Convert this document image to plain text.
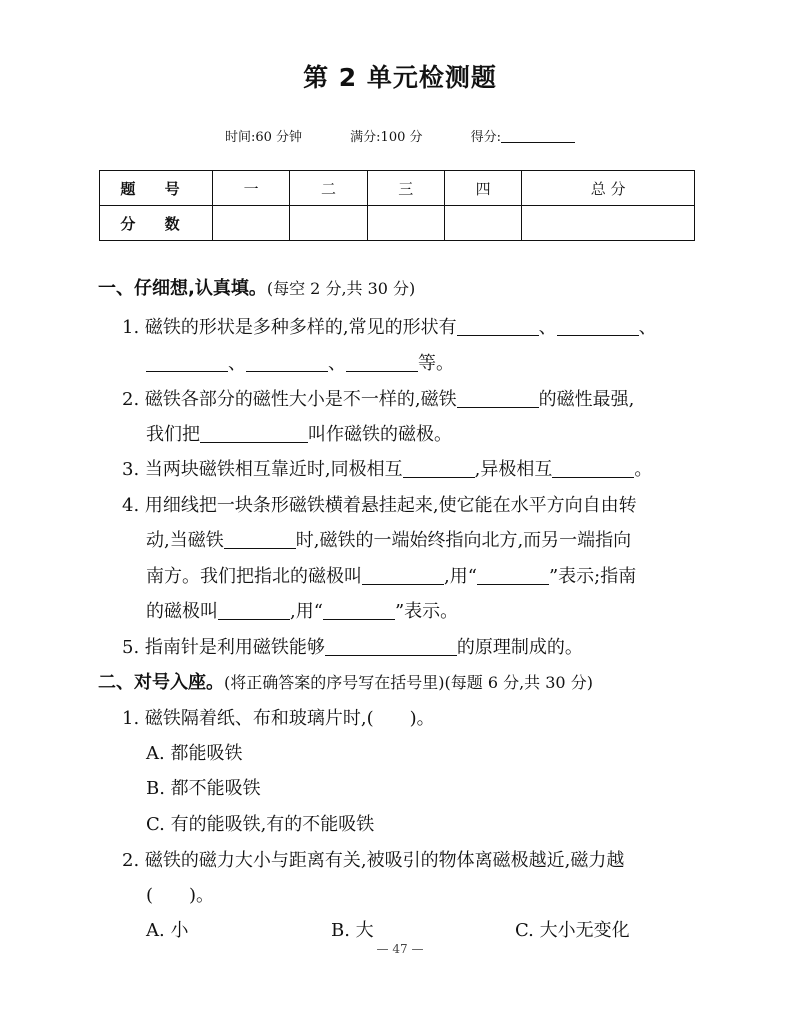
第 2 单元检测题
时间:60 分钟	满分:100 分	得分:
题 号	一	二	三	四	总 分
分 数					
一、仔细想,认真填。(每空 2 分,共 30 分)
1. 磁铁的形状是多种多样的,常见的形状有	、	、
、	、	等。
2. 磁铁各部分的磁性大小是不一样的,磁铁	的磁性最强,
我们把	叫作磁铁的磁极。
3. 当两块磁铁相互靠近时,同极相互	,异极相互	。
4. 用细线把一块条形磁铁横着悬挂起来,使它能在水平方向自由转
动,当磁铁	时,磁铁的一端始终指向北方,而另一端指向
南方。我们把指北的磁极叫	,用“	”表示;指南
的磁极叫	,用“	”表示。
5. 指南针是利用磁铁能够	的原理制成的。
二、对号入座。(将正确答案的序号写在括号里)(每题 6 分,共 30 分)
1. 磁铁隔着纸、布和玻璃片时,( )。
A. 都能吸铁
B. 都不能吸铁
C. 有的能吸铁,有的不能吸铁
2. 磁铁的磁力大小与距离有关,被吸引的物体离磁极越近,磁力越
( )。
A. 小	B. 大	C. 大小无变化
— 47 —
